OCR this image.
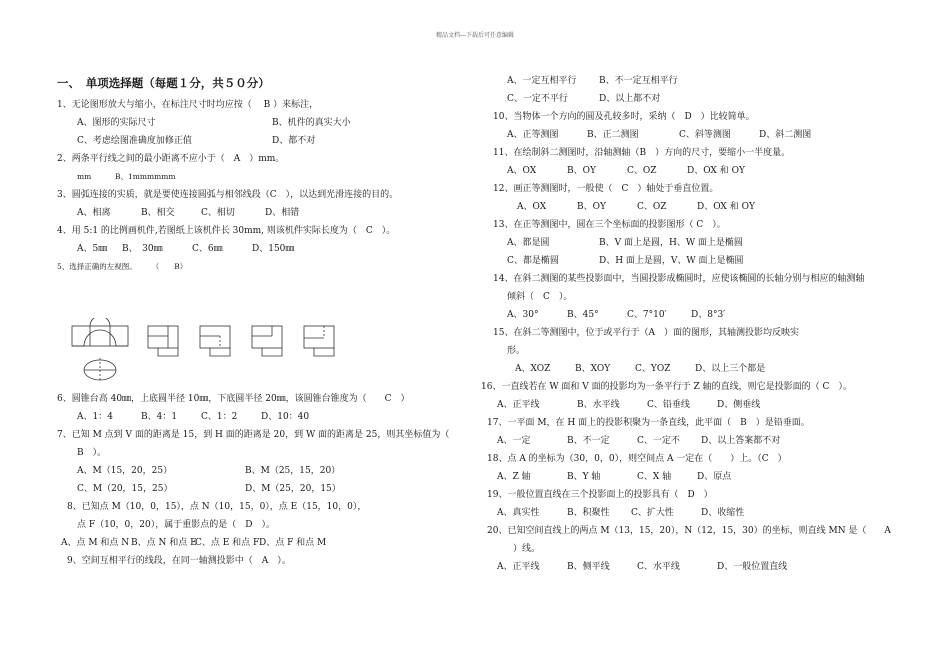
精品文档---下载后可任意编辑
一、　单项选择题（每题１分，共５０分）
1、无论图形放大与缩小，在标注尺寸时均应按（　 B ）来标注，
A、图形的实际尺寸	B、机件的真实大小
C、考虑绘图准确度加修正值	D、都不对
2、两条平行线之间的最小距离不应小于（　A　）mm。
mm	B、1mmmmmm
3、圆弧连接的实质，就是要使连接圆弧与相邻线段（C　），以达到光滑连接的目的。
A、相离	B、相交	C、相切	D、相错
4、用 5:1 的比例画机件,若图纸上该机件长 30mm, 则该机件实际长度为（　C　）。
A、5㎜	B、　30㎜	C、6㎜	D、150㎜
5、选择正确的左视图。　　　（　　B）
6、圆锥台高 40㎜，上底圆半径 10㎜，下底圆半径 20㎜，该圆锥台锥度为（　　C　）
A、1：4	B、4：1	C、1：2	D、10：40
7、已知 M 点到 V 面的距离是 15，到 H 面的距离是 20，到 W 面的距离是 25，则其坐标值为（
B　）。
A、M（15，20，25）	B、M（25，15，20）
C、M（20，15，25）	D、M（25，20，15）
8、已知点 M（10，0，15），点 N（10，15，0），点 E（15，10，0），
点 F（10，0，20），属于重影点的是（　D　）。
A、点 M 和点 N B、点 N 和点 E
C、点 E 和点 F D、点 F 和点 M
9、空间互相平行的线段，在同一轴测投影中（　A　）。
A、一定互相平行	B、不一定互相平行
C、一定不平行	D、以上都不对
10、当物体一个方向的圆及孔较多时，采纳（　D　）比较简单。
A、正等测图	B、正二测图	C、斜等测图	D、斜二测图
11、在绘制斜二测图时，沿轴测轴（B　）方向的尺寸，要缩小一半度量。
A、OX	B、OY	C、OZ	D、OX 和 OY
12、画正等测图时，一般使（　C　）轴处于垂直位置。
A、OX	B、OY	C、OZ	D、OX 和 OY
13、在正等测图中，圆在三个坐标面的投影图形（ C　）。
A、都是圆	B、V 面上是圆，H、W 面上是椭圆
C、都是椭圆	D、H 面上是圆，V、W 面上是椭圆
14、在斜二测图的某些投影面中，当圆投影成椭圆时，应使该椭圆的长轴分别与相应的轴测轴
倾斜（　C　）。
A、30°	B、45°	C、7°10′	D、8°3′
15、在斜二等测图中，位于或平行于（A　）面的图形，其轴测投影均反映实
形。
A、XOZ	B、XOY	C、YOZ	D、以上三个都是
16、一直线若在 W 面和 V 面的投影均为一条平行于 Z 轴的直线，则它是投影面的（ C　）。
A、正平线	B、水平线	C、铅垂线	D、侧垂线
17、一平面 M，在 H 面上的投影积聚为一条直线，此平面（　B　）是铅垂面。
A、一定	B、不一定	C、一定不	D、以上答案都不对
18、点 A 的坐标为（30，0，0），则空间点 A 一定在（　　）上。（C　）
A、Z 轴	B、Y 轴	C、X 轴	D、原点
19、一般位置直线在三个投影面上的投影具有（　D　）
A、真实性	B、积聚性	C、扩大性	D、收缩性
20、已知空间直线上的两点 M（13，15，20），N（12，15，30）的坐标，则直线 MN 是（　　A
）线。
A、正平线	B、侧平线	C、水平线	D、一般位置直线
